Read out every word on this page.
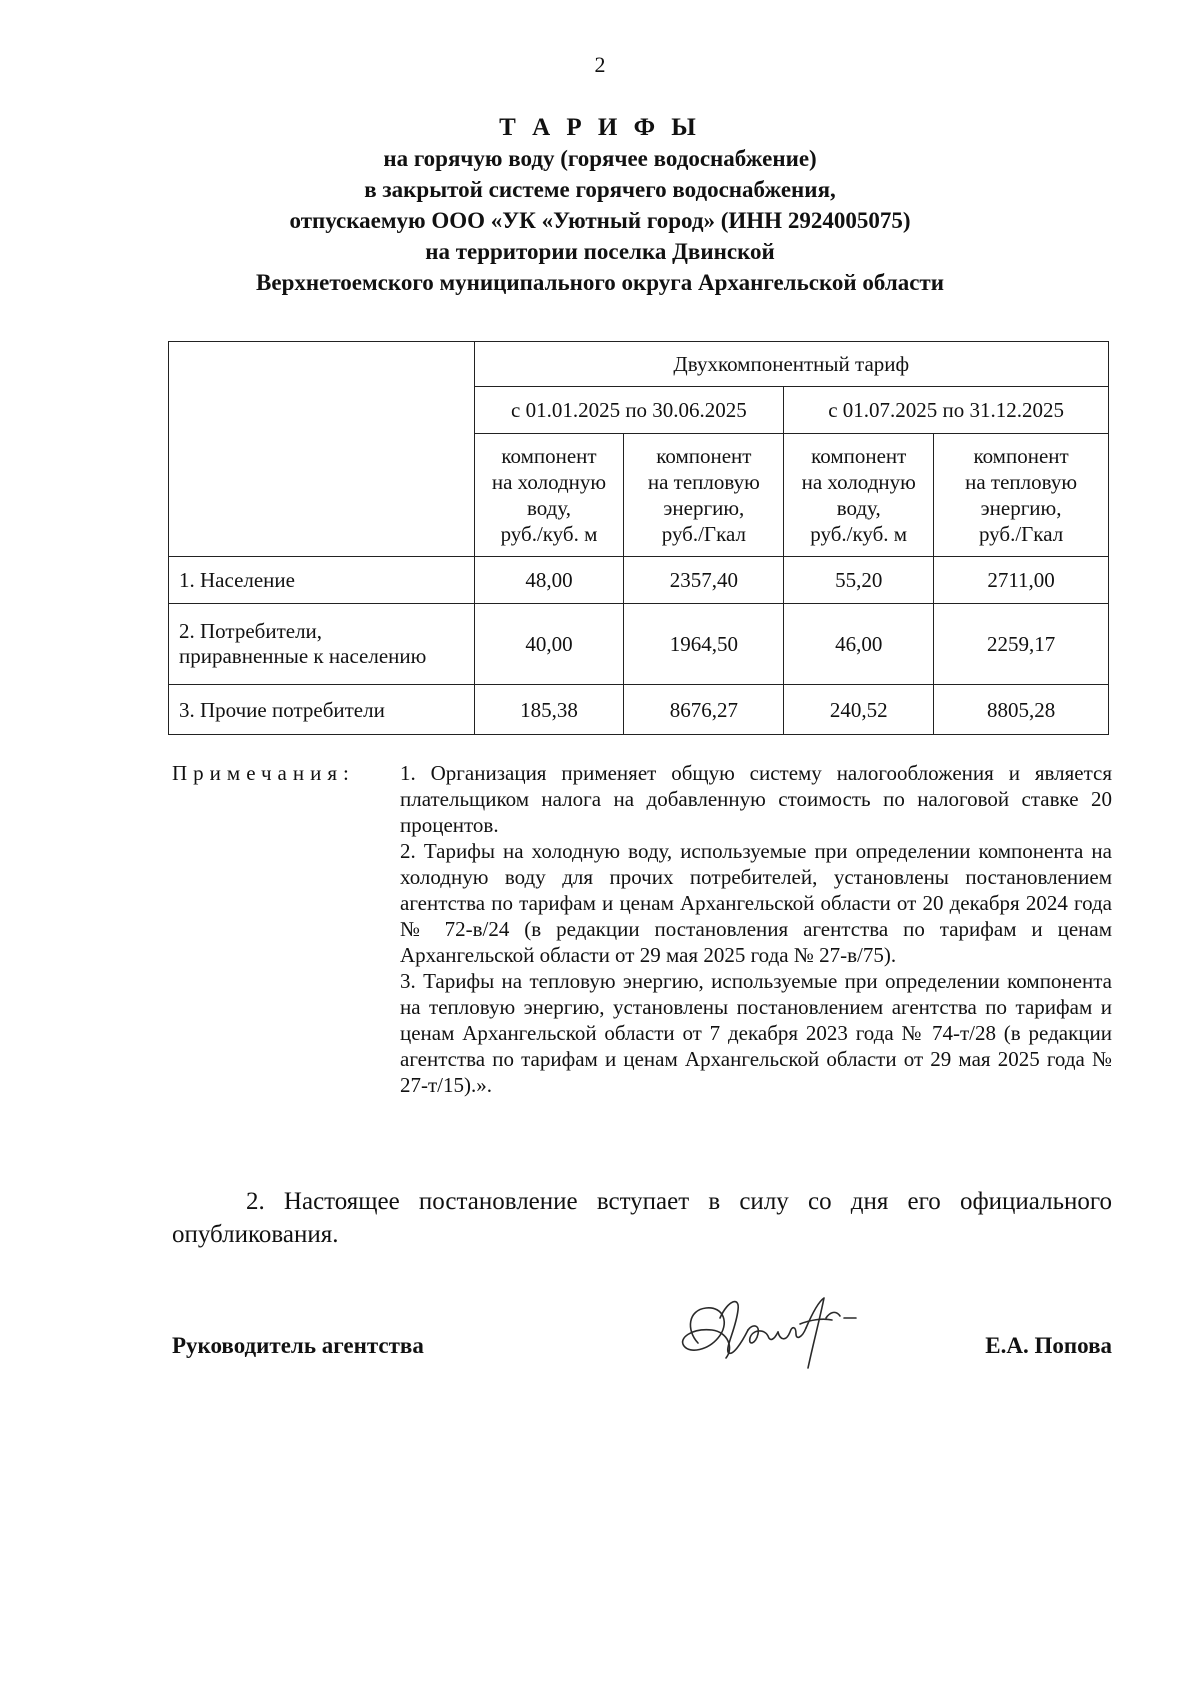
2
Т А Р И Ф Ы
на горячую воду (горячее водоснабжение)
в закрытой системе горячего водоснабжения,
отпускаемую ООО «УК «Уютный город» (ИНН 2924005075)
на территории поселка Двинской
Верхнетоемского муниципального округа Архангельской области
	Двухкомпонентный тариф			
	с 01.01.2025 по 30.06.2025		с 01.07.2025 по 31.12.2025	
	компонент
на холодную
воду,
руб./куб. м	компонент
на тепловую
энергию,
руб./Гкал	компонент
на холодную
воду,
руб./куб. м	компонент
на тепловую
энергию,
руб./Гкал
1. Население	48,00	2357,40	55,20	2711,00
2. Потребители,
приравненные к населению	40,00	1964,50	46,00	2259,17
3. Прочие потребители	185,38	8676,27	240,52	8805,28
Примечания: 1. Организация применяет общую систему налогообложения и является плательщиком налога на добавленную стоимость по налоговой ставке 20 процентов.

2. Тарифы на холодную воду, используемые при определении компонента на холодную воду для прочих потребителей, установлены постановлением агентства по тарифам и ценам Архангельской области от 20 декабря 2024 года № 72-в/24 (в редакции постановления агентства по тарифам и ценам Архангельской области от 29 мая 2025 года № 27-в/75).

3. Тарифы на тепловую энергию, используемые при определении компонента на тепловую энергию, установлены постановлением агентства по тарифам и ценам Архангельской области от 7 декабря 2023 года № 74-т/28 (в редакции агентства по тарифам и ценам Архангельской области от 29 мая 2025 года № 27-т/15).».

2. Настоящее постановление вступает в силу со дня его официального опубликования.
Руководитель агентства	Е.А. Попова
